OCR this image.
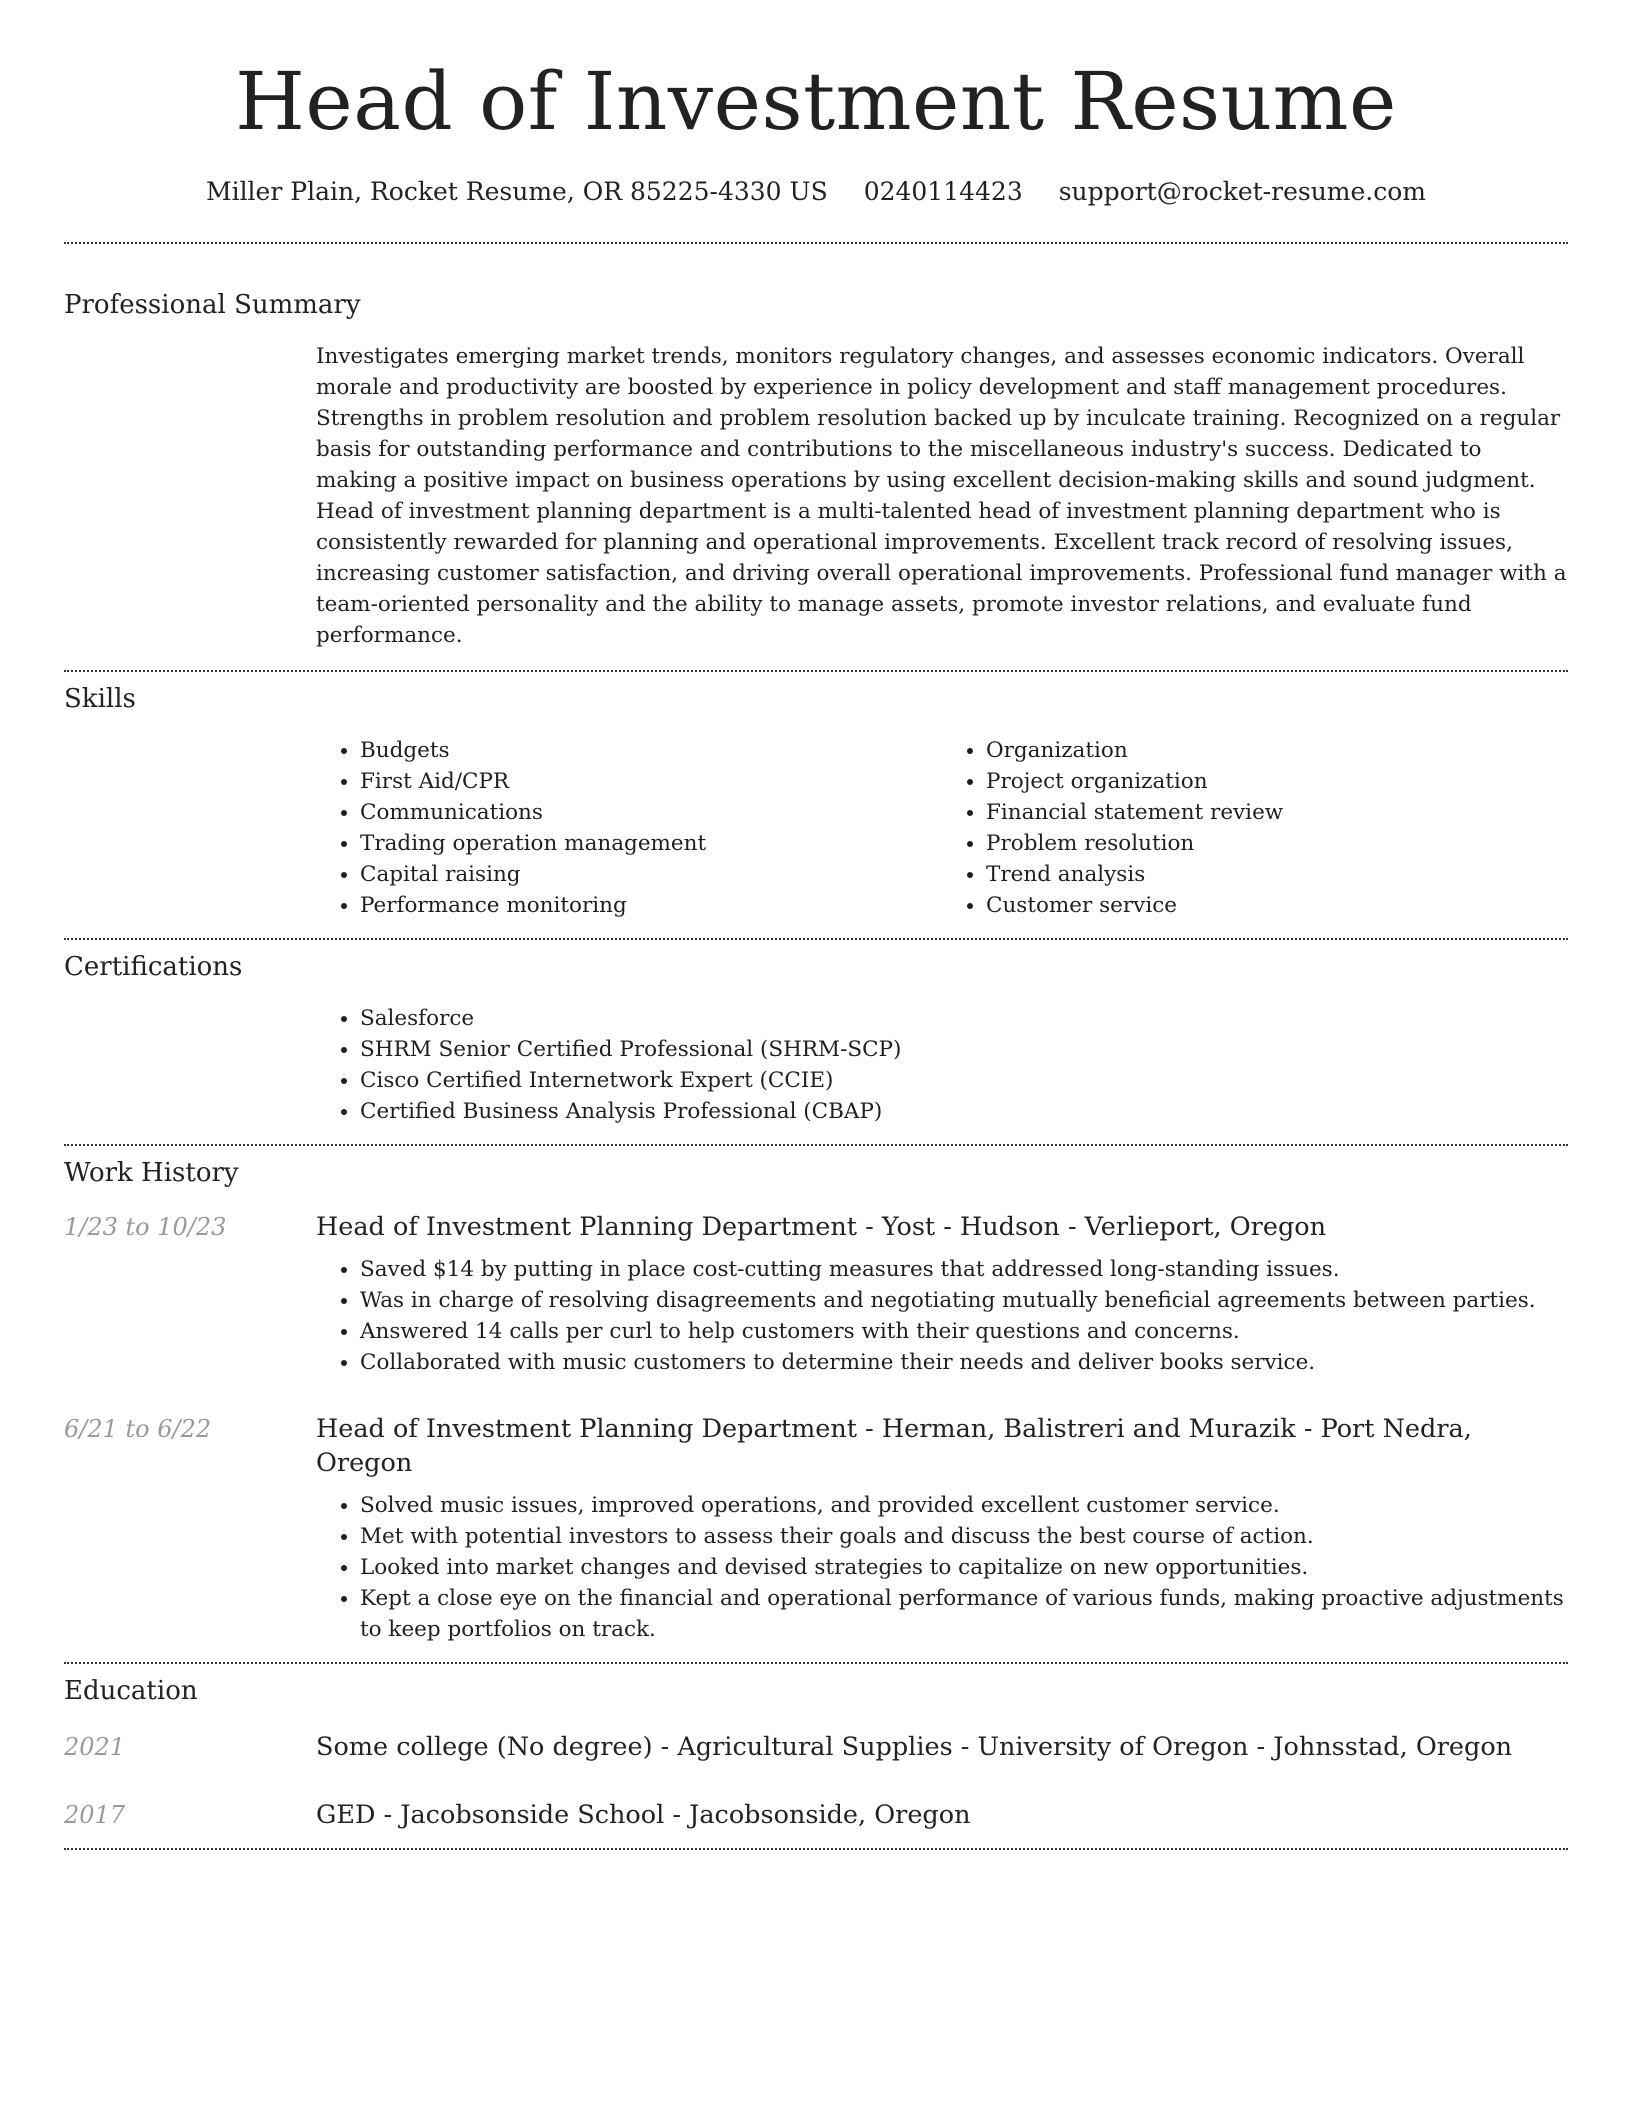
Head of Investment Resume
Miller Plain, Rocket Resume, OR 85225-4330 US 0240114423 support@rocket-resume.com
Professional Summary

Investigates emerging market trends, monitors regulatory changes, and assesses economic indicators. Overall morale and productivity are boosted by experience in policy development and staff management procedures. Strengths in problem resolution and problem resolution backed up by inculcate training. Recognized on a regular basis for outstanding performance and contributions to the miscellaneous industry's success. Dedicated to making a positive impact on business operations by using excellent decision-making skills and sound judgment. Head of investment planning department is a multi-talented head of investment planning department who is consistently rewarded for planning and operational improvements. Excellent track record of resolving issues, increasing customer satisfaction, and driving overall operational improvements. Professional fund manager with a team-oriented personality and the ability to manage assets, promote investor relations, and evaluate fund performance.

Skills
• Budgets
• First Aid/CPR
• Communications
• Trading operation management
• Capital raising
• Performance monitoring
• Organization
• Project organization
• Financial statement review
• Problem resolution
• Trend analysis
• Customer service
Certifications
• Salesforce
• SHRM Senior Certified Professional (SHRM-SCP)
• Cisco Certified Internetwork Expert (CCIE)
• Certified Business Analysis Professional (CBAP)
Work History
1/23 to 10/23	Head of Investment Planning Department - Yost - Hudson - Verlieport, Oregon
• Saved $14 by putting in place cost-cutting measures that addressed long-standing issues.
• Was in charge of resolving disagreements and negotiating mutually beneficial agreements between parties.
• Answered 14 calls per curl to help customers with their questions and concerns.
• Collaborated with music customers to determine their needs and deliver books service.
6/21 to 6/22	Head of Investment Planning Department - Herman, Balistreri and Murazik - Port Nedra, Oregon
• Solved music issues, improved operations, and provided excellent customer service.
• Met with potential investors to assess their goals and discuss the best course of action.
• Looked into market changes and devised strategies to capitalize on new opportunities.
• Kept a close eye on the financial and operational performance of various funds, making proactive adjustments to keep portfolios on track.
Education
2021	Some college (No degree) - Agricultural Supplies - University of Oregon - Johnsstad, Oregon
2017	GED - Jacobsonside School - Jacobsonside, Oregon
